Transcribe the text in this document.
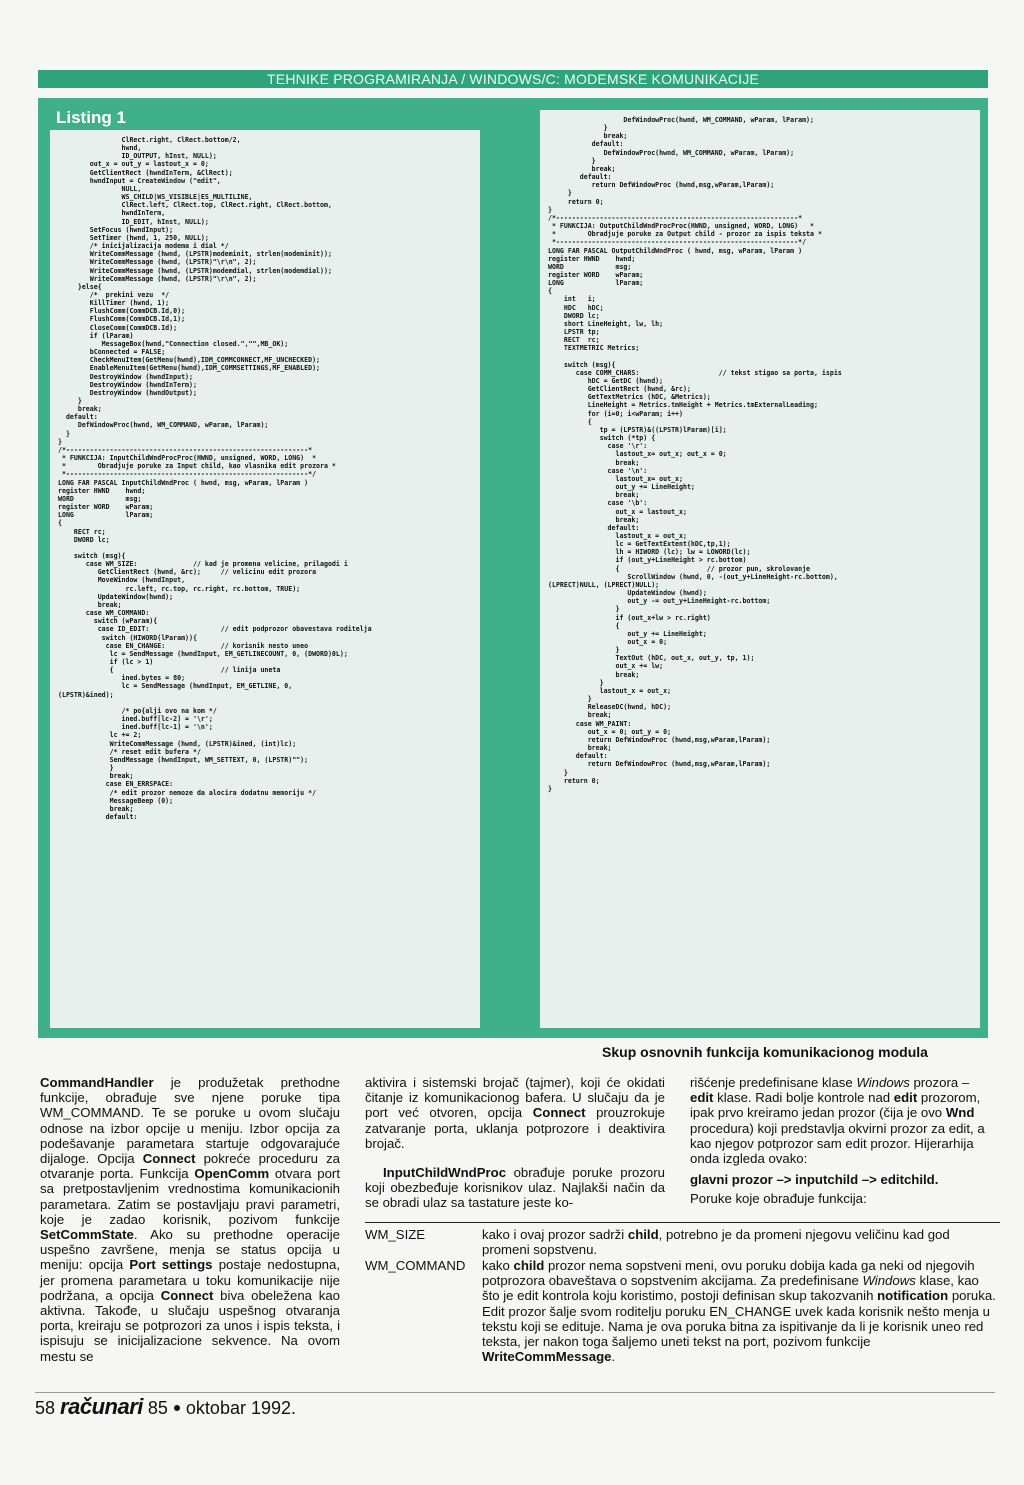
TEHNIKE PROGRAMIRANJA / WINDOWS/C: MODEMSKE KOMUNIKACIJE
Listing 1
ClRect.right, ClRect.bottom/2,
hwnd,
ID_OUTPUT, hInst, NULL);
out_x = out_y = lastout_x = 0;
GetClientRect (hwndInTerm, &ClRect);
hwndInput = CreateWindow ("edit",
NULL,
WS_CHILD|WS_VISIBLE|ES_MULTILINE,
ClRect.left, ClRect.top, ClRect.right, ClRect.bottom,
hwndInTerm,
ID_EDIT, hInst, NULL);
SetFocus (hwndInput);
SetTimer (hwnd, 1, 250, NULL);
/* inicijalizacija modema i dial */
WriteCommMessage (hwnd, (LPSTR)modeminit, strlen(modeminit));
WriteCommMessage (hwnd, (LPSTR)"\r\n", 2);
WriteCommMessage (hwnd, (LPSTR)modemdial, strlen(modemdial));
WriteCommMessage (hwnd, (LPSTR)"\r\n", 2);
}else{
/*  prekini vezu  */
KillTimer (hwnd, 1);
FlushComm(CommDCB.Id,0);
FlushComm(CommDCB.Id,1);
CloseComm(CommDCB.Id);
if (lParam)
MessageBox(hwnd,"Connection closed.","",MB_OK);
bConnected = FALSE;
CheckMenuItem(GetMenu(hwnd),IDM_COMMCONNECT,MF_UNCHECKED);
EnableMenuItem(GetMenu(hwnd),IDM_COMMSETTINGS,MF_ENABLED);
DestroyWindow (hwndInput);
DestroyWindow (hwndInTerm);
DestroyWindow (hwndOutput);
}
break;
default:
DefWindowProc(hwnd, WM_COMMAND, wParam, lParam);
}
}
/*-------------------------------------------------------------*
* FUNKCIJA: InputChildWndProcProc(HWND, unsigned, WORD, LONG)  *
*        Obradjuje poruke za Input child, kao vlasnika edit prozora *
*-------------------------------------------------------------*/
LONG FAR PASCAL InputChildWndProc ( hwnd, msg, wParam, lParam )
register HWND    hwnd;
WORD             msg;
register WORD    wParam;
LONG             lParam;
{
RECT rc;
DWORD lc;

switch (msg){
case WM_SIZE:              // kad je promena velicine, prilagodi i
GetClientRect (hwnd, &rc);     // velicinu edit prozora
MoveWindow (hwndInput,
rc.left, rc.top, rc.right, rc.bottom, TRUE);
UpdateWindow(hwnd);
break;
case WM_COMMAND:
switch (wParam){
case ID_EDIT:                  // edit podprozor obavestava roditelja
switch (HIWORD(lParam)){
case EN_CHANGE:              // korisnik nesto uneo
lc = SendMessage (hwndInput, EM_GETLINECOUNT, 0, (DWORD)0L);
if (lc > 1)
{                           // linija uneta
ined.bytes = 80;
lc = SendMessage (hwndInput, EM_GETLINE, 0,
(LPSTR)&ined);

/* po{alji ovo na kom */
ined.buff[lc-2] = '\r';
ined.buff[lc-1] = '\n';
lc += 2;
WriteCommMessage (hwnd, (LPSTR)&ined, (int)lc);
/* reset edit bufera */
SendMessage (hwndInput, WM_SETTEXT, 0, (LPSTR)"");
}
break;
case EN_ERRSPACE:
/* edit prozor nemoze da alocira dodatnu memoriju */
MessageBeep (0);
break;
default:
DefWindowProc(hwnd, WM_COMMAND, wParam, lParam);
}
break;
default:
DefWindowProc(hwnd, WM_COMMAND, wParam, lParam);
}
break;
default:
return DefWindowProc (hwnd,msg,wParam,lParam);
}
return 0;
}
/*-------------------------------------------------------------*
* FUNKCIJA: OutputChildWndProcProc(HWND, unsigned, WORD, LONG)   *
*        Obradjuje poruke za Output child - prozor za ispis teksta *
*-------------------------------------------------------------*/
LONG FAR PASCAL OutputChildWndProc ( hwnd, msg, wParam, lParam )
register HWND    hwnd;
WORD             msg;
register WORD    wParam;
LONG             lParam;
{
int   i;
HDC   hDC;
DWORD lc;
short LineHeight, lw, lh;
LPSTR tp;
RECT  rc;
TEXTMETRIC Metrics;

switch (msg){
case COMM_CHARS:                    // tekst stigao sa porta, ispis
hDC = GetDC (hwnd);
GetClientRect (hwnd, &rc);
GetTextMetrics (hDC, &Metrics);
LineHeight = Metrics.tmHeight + Metrics.tmExternalLeading;
for (i=0; i<wParam; i++)
{
tp = (LPSTR)&((LPSTR)lParam)[i];
switch (*tp) {
case '\r':
lastout_x= out_x; out_x = 0;
break;
case '\n':
lastout_x= out_x;
out_y += LineHeight;
break;
case '\b':
out_x = lastout_x;
break;
default:
lastout_x = out_x;
lc = GetTextExtent(hDC,tp,1);
lh = HIWORD (lc); lw = LOWORD(lc);
if (out_y+LineHeight > rc.bottom)
{                      // prozor pun, skrolovanje
ScrollWindow (hwnd, 0, -(out_y+LineHeight-rc.bottom),
(LPRECT)NULL, (LPRECT)NULL);
UpdateWindow (hwnd);
out_y -= out_y+LineHeight-rc.bottom;
}
if (out_x+lw > rc.right)
{
out_y += LineHeight;
out_x = 0;
}
TextOut (hDC, out_x, out_y, tp, 1);
out_x += lw;
break;
}
lastout_x = out_x;
}
ReleaseDC(hwnd, hDC);
break;
case WM_PAINT:
out_x = 0; out_y = 0;
return DefWindowProc (hwnd,msg,wParam,lParam);
break;
default:
return DefWindowProc (hwnd,msg,wParam,lParam);
}
return 0;
}
Skup osnovnih funkcija komunikacionog modula

CommandHandler je produžetak prethodne funkcije, obrađuje sve njene poruke tipa WM_COMMAND. Te se poruke u ovom slučaju odnose na izbor opcije u meniju. Izbor opcija za podešavanje parametara startuje odgovarajuće dijaloge. Opcija Connect pokreće proceduru za otvaranje porta. Funkcija OpenComm otvara port sa pretpostavljenim vrednostima komunikacionih parametara. Zatim se postavljaju pravi parametri, koje je zadao korisnik, pozivom funkcije SetCommState. Ako su prethodne operacije uspešno završene, menja se status opcija u meniju: opcija Port settings postaje nedostupna, jer promena parametara u toku komunikacije nije podržana, a opcija Connect biva obeležena kao aktivna. Takođe, u slučaju uspešnog otvaranja porta, kreiraju se potprozori za unos i ispis teksta, i ispisuju se inicijalizacione sekvence. Na ovom mestu se

aktivira i sistemski brojač (tajmer), koji će okidati čitanje iz komunikacionog bafera. U slučaju da je port već otvoren, opcija Connect prouzrokuje zatvaranje porta, uklanja potprozore i deaktivira brojač.

InputChildWndProc obrađuje poruke prozoru koji obezbeđuje korisnikov ulaz. Najlakši način da se obradi ulaz sa tastature jeste ko-

rišćenje predefinisane klase Windows prozora – edit klase. Radi bolje kontrole nad edit prozorom, ipak prvo kreiramo jedan prozor (čija je ovo Wnd procedura) koji predstavlja okvirni prozor za edit, a kao njegov potprozor sam edit prozor. Hijerarhija onda izgleda ovako:

glavni prozor –> inputchild –> editchild.
Poruke koje obrađuje funkcija:
WM_SIZE	kako i ovaj prozor sadrži child, potrebno je da promeni njegovu veličinu kad god promeni sopstvenu.
WM_COMMAND	kako child prozor nema sopstveni meni, ovu poruku dobija kada ga neki od njegovih potprozora obaveštava o sopstvenim akcijama. Za predefinisane Windows klase, kao što je edit kontrola koju koristimo, postoji definisan skup takozvanih notification poruka. Edit prozor šalje svom roditelju poruku EN_CHANGE uvek kada korisnik nešto menja u tekstu koji se edituje. Nama je ova poruka bitna za ispitivanje da li je korisnik uneo red teksta, jer nakon toga šaljemo uneti tekst na port, pozivom funkcije WriteCommMessage.
58 računari 85 oktobar 1992.
